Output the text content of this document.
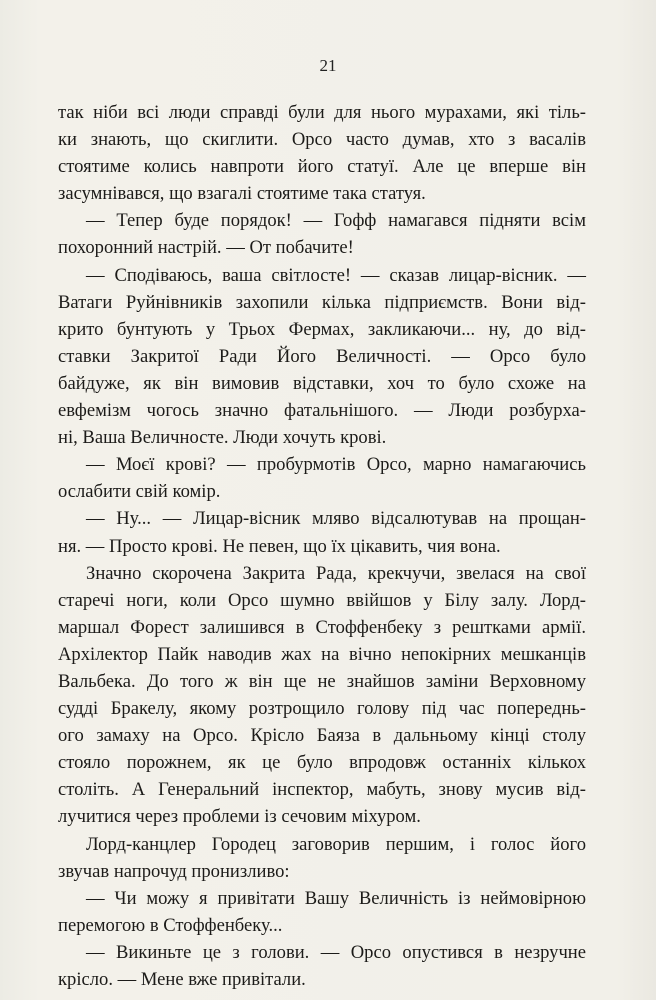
21
так ніби всі люди справді були для нього мурахами, які тіль-
ки знають, що скиглити. Орсо часто думав, хто з васалів
стоятиме колись навпроти його статуї. Але це вперше він
засумнівався, що взагалі стоятиме така статуя.
— Тепер буде порядок! — Гофф намагався підняти всім
похоронний настрій. — От побачите!
— Сподіваюсь, ваша світлосте! — сказав лицар-вісник. —
Ватаги Руйнівників захопили кілька підприємств. Вони від-
крито бунтують у Трьох Фермах, закликаючи... ну, до від-
ставки Закритої Ради Його Величності. — Орсо було
байдуже, як він вимовив відставки, хоч то було схоже на
евфемізм чогось значно фатальнішого. — Люди розбурха-
ні, Ваша Величносте. Люди хочуть крові.
— Моєї крові? — пробурмотів Орсо, марно намагаючись
ослабити свій комір.
— Ну... — Лицар-вісник мляво відсалютував на прощан-
ня. — Просто крові. Не певен, що їх цікавить, чия вона.
Значно скорочена Закрита Рада, крекчучи, звелася на свої
старечі ноги, коли Орсо шумно ввійшов у Білу залу. Лорд-
маршал Форест залишився в Стоффенбеку з рештками армії.
Архілектор Пайк наводив жах на вічно непокірних мешканців
Вальбека. До того ж він ще не знайшов заміни Верховному
судді Бракелу, якому розтрощило голову під час попереднь-
ого замаху на Орсо. Крісло Баяза в дальньому кінці столу
стояло порожнем, як це було впродовж останніх кількох
століть. А Генеральний інспектор, мабуть, знову мусив від-
лучитися через проблеми із сечовим міхуром.
Лорд-канцлер Городец заговорив першим, і голос його
звучав напрочуд пронизливо:
— Чи можу я привітати Вашу Величність із неймовірною
перемогою в Стоффенбеку...
— Викиньте це з голови. — Орсо опустився в незручне
крісло. — Мене вже привітали.
